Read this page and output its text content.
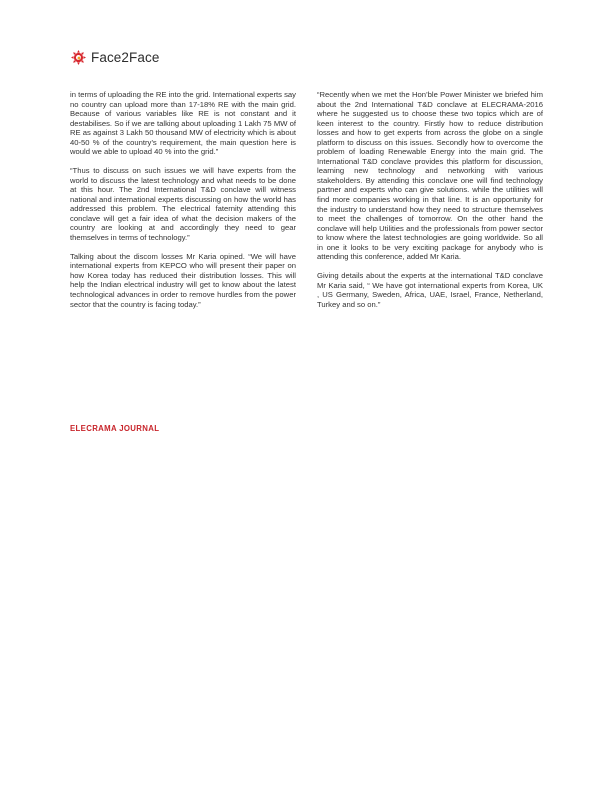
Face2Face

in terms of uploading the RE into the grid. International experts say no country can upload more than 17-18% RE with the main grid. Because of various variables like RE is not constant and it destabilises. So if we are talking about uploading 1 Lakh 75 MW of RE as against 3 Lakh 50 thousand MW of electricity which is about 40-50 % of the country’s requirement, the main question here is would we able to upload 40 % into the grid.”

“Thus to discuss on such issues we will have experts from the world to discuss the latest technology and what needs to be done at this hour. The 2nd International T&D conclave will witness national and international experts discussing on how the world has addressed this problem. The electrical faternity attending this conclave will get a fair idea of what the decision makers of the country are looking at and accordingly they need to gear themselves in terms of technology.”

Talking about the discom losses Mr Karia opined. “We will have international experts from KEPCO who will present their paper on how Korea today has reduced their distribution losses. This will help the Indian electrical industry will get to know about the latest technological advances in order to remove hurdles from the power sector that the country is facing today.”

“Recently when we met the Hon’ble Power Minister we briefed him about the 2nd International T&D conclave at ELECRAMA-2016 where he suggested us to choose these two topics which are of keen interest to the country. Firstly how to reduce distribution losses and how to get experts from across the globe on a single platform to discuss on this issues. Secondly how to overcome the problem of loading Renewable Energy into the main grid. The International T&D conclave provides this platform for discussion, learning new technology and networking with various stakeholders. By attending this conclave one will find technology partner and experts who can give solutions. while the utilities will find more companies working in that line. It is an opportunity for the industry to understand how they need to structure themselves to meet the challenges of tomorrow. On the other hand the conclave will help Utilities and the professionals from power sector to know where the latest technologies are going worldwide. So all in one it looks to be very exciting package for anybody who is attending this conference, added Mr Karia.

Giving details about the experts at the international T&D conclave Mr Karia said, “ We have got international experts from Korea, UK , US Germany, Sweden, Africa, UAE, Israel, France, Netherland, Turkey and so on.”

ELECRAMA JOURNAL
